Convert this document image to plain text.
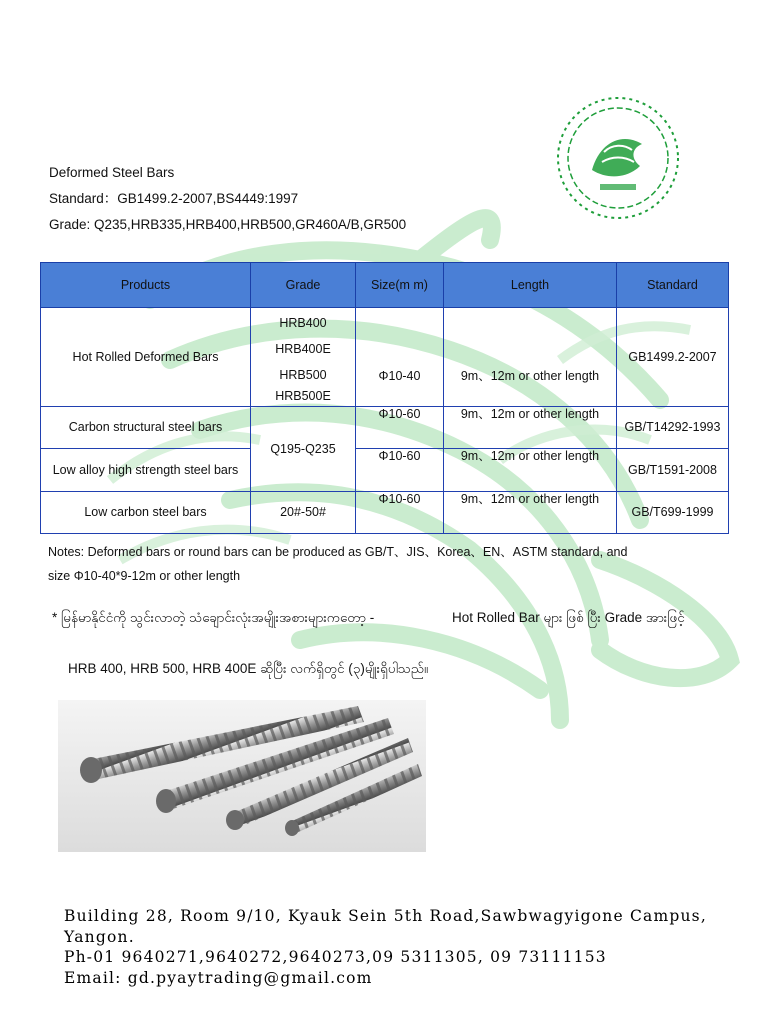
Deformed Steel Bars
Standard：GB1499.2-2007,BS4449:1997
Grade: Q235,HRB335,HRB400,HRB500,GR460A/B,GR500
Products	Grade	Size(m m)	Length	Standard
Hot Rolled Deformed Bars	HRB400
HRB400E
HRB500
HRB500E	Φ10-40	9m、12m or other length	GB1499.2-2007
Carbon structural steel bars	Q195-Q235	Φ10-60	9m、12m or other length	GB/T14292-1993
Low alloy high strength steel bars		Φ10-60	9m、12m or other length	GB/T1591-2008
Low carbon steel bars	20#-50#	Φ10-60	9m、12m or other length	GB/T699-1999
Notes: Deformed bars or round bars can be produced as GB/T、JIS、Korea、EN、ASTM standard, and
size Φ10-40*9-12m or other length
* မြန်မာနိုင်ငံကို သွင်းလာတဲ့ သံချောင်းလုံးအမျိုးအစားများကတော့ -	Hot Rolled Bar များ ဖြစ် ပြီး Grade အားဖြင့်
HRB 400, HRB 500, HRB 400E ဆိုပြီး လက်ရှိတွင် (၃)မျိုးရှိပါသည်။
Building 28, Room 9/10, Kyauk Sein 5th Road,Sawbwagyigone Campus,
Yangon.
Ph-01 9640271,9640272,9640273,09 5311305, 09 73111153
Email: gd.pyaytrading@gmail.com
